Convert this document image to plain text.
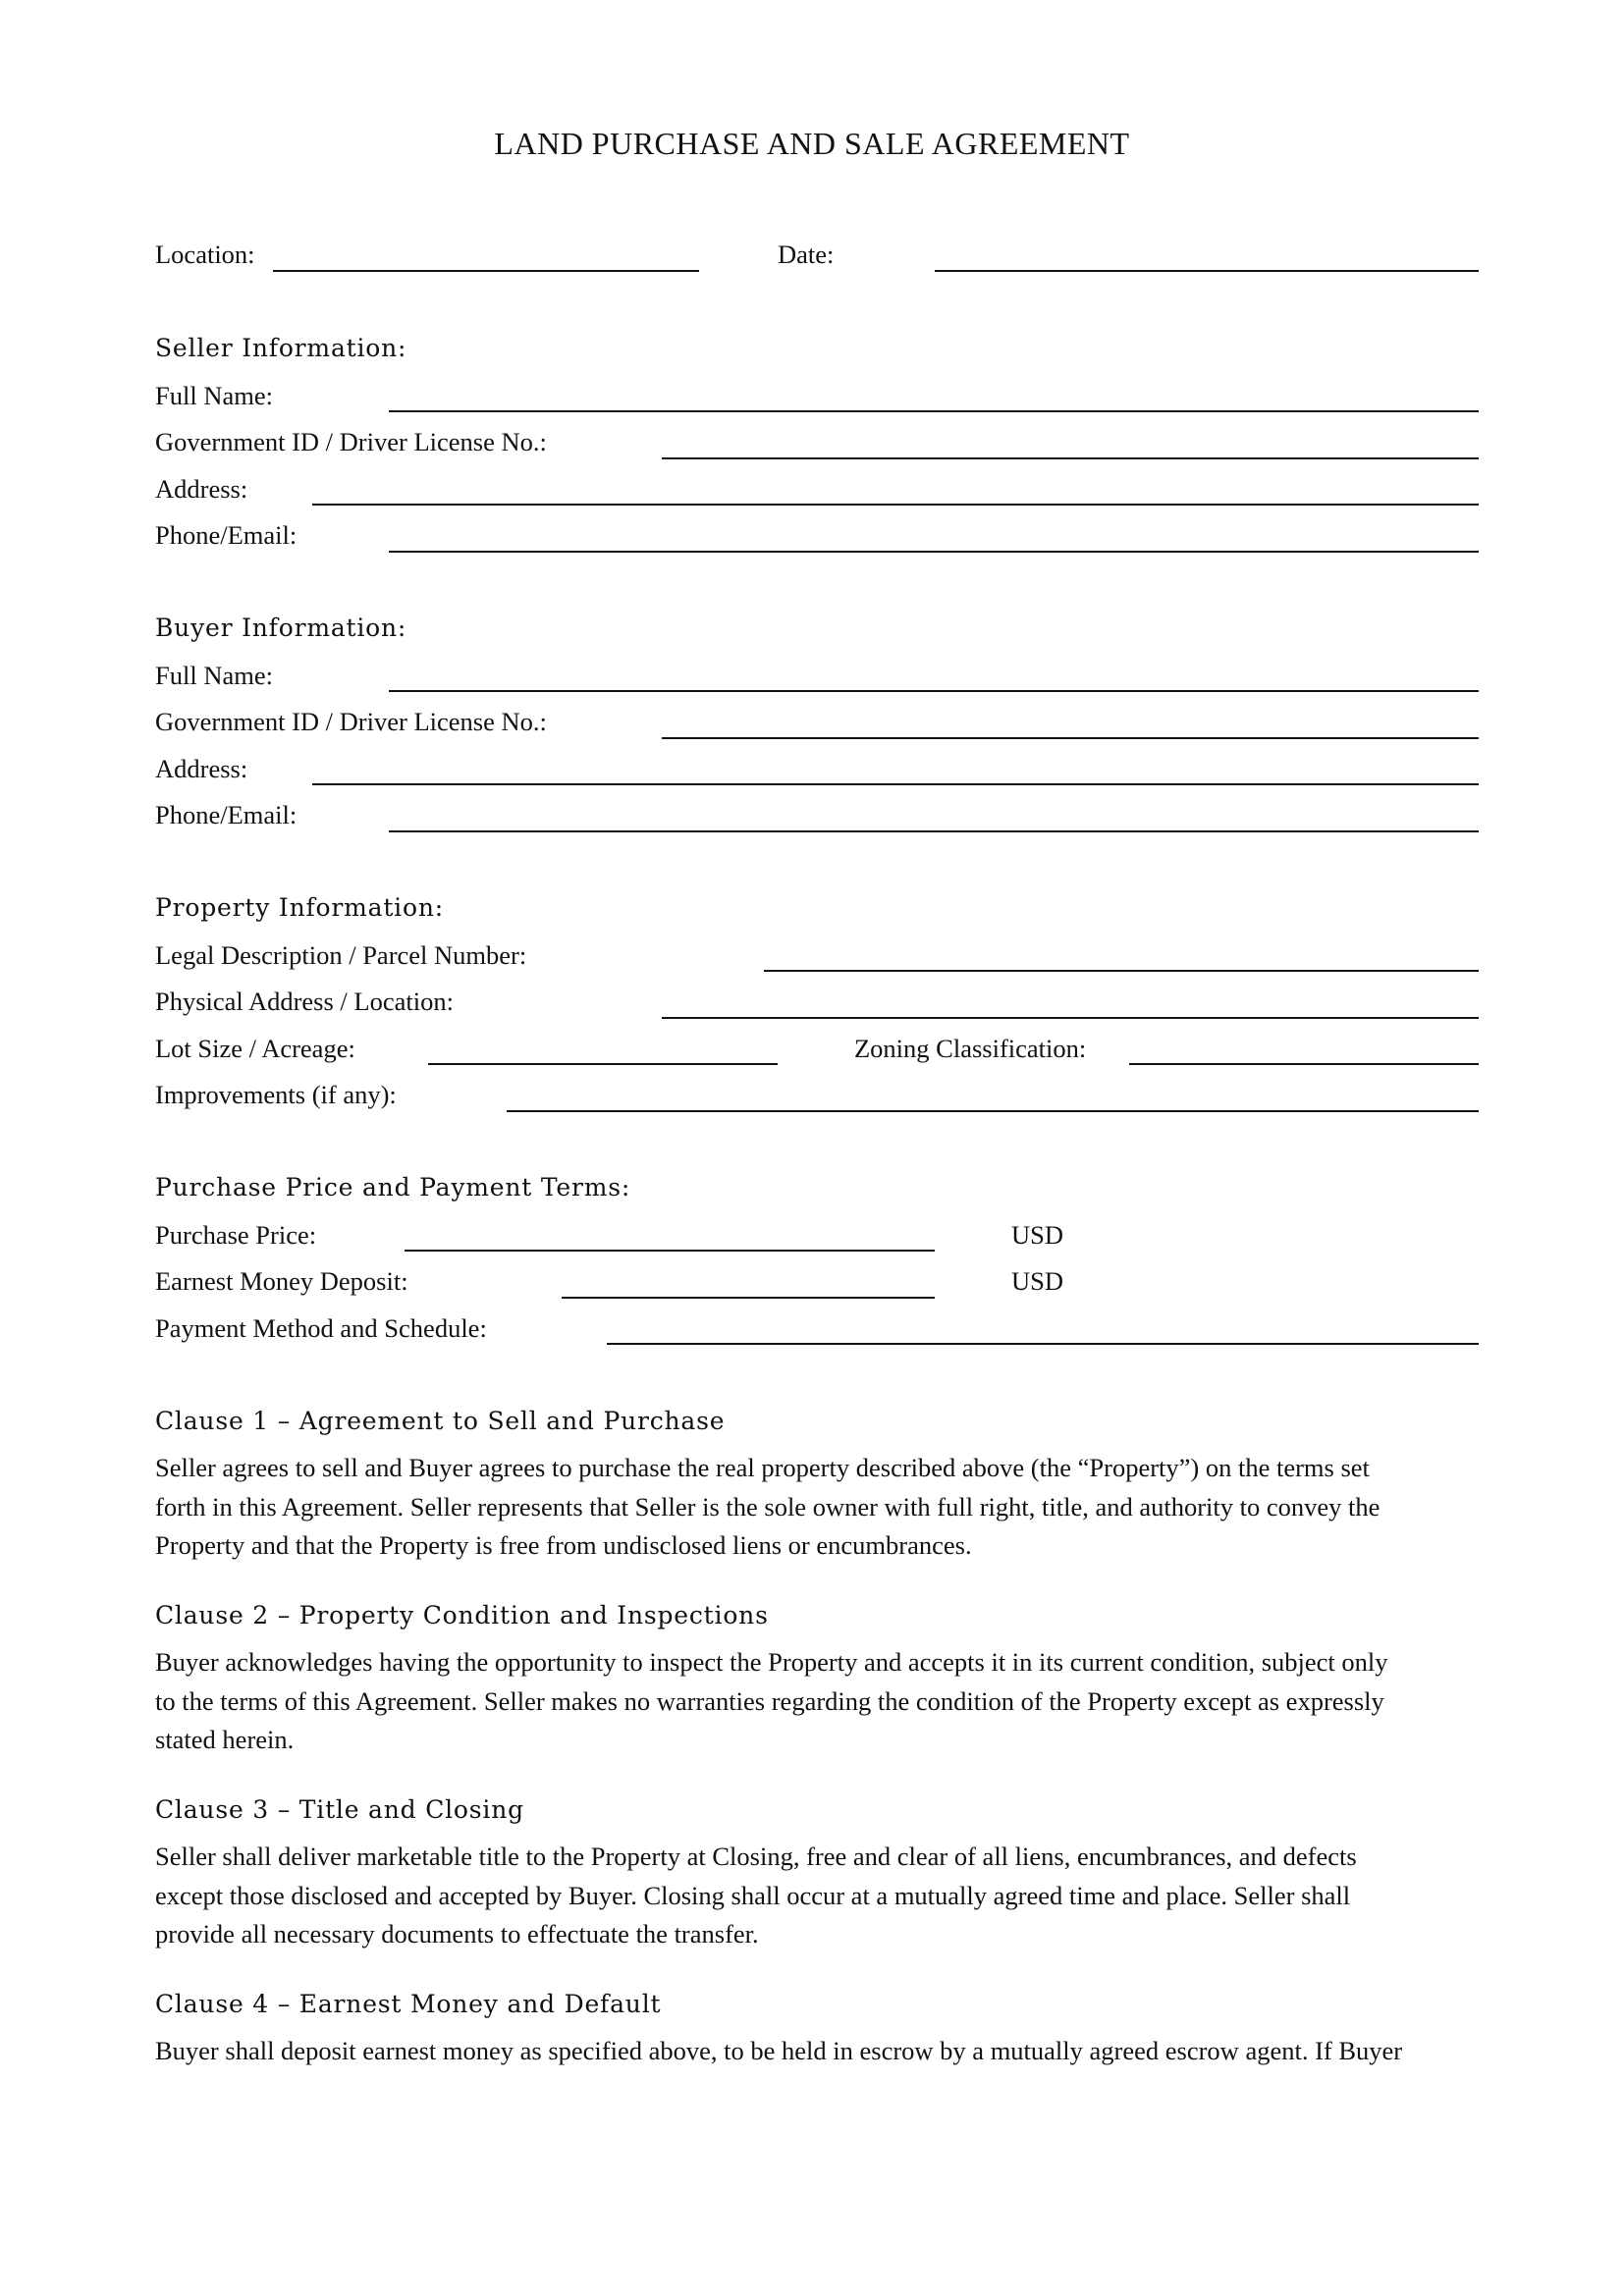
LAND PURCHASE AND SALE AGREEMENT
Location:	Date:
Seller Information:
Full Name:
Government ID / Driver License No.:
Address:
Phone/Email:
Buyer Information:
Full Name:
Government ID / Driver License No.:
Address:
Phone/Email:
Property Information:
Legal Description / Parcel Number:
Physical Address / Location:
Lot Size / Acreage:	Zoning Classification:
Improvements (if any):
Purchase Price and Payment Terms:
Purchase Price:	USD
Earnest Money Deposit:	USD
Payment Method and Schedule:
Clause 1 – Agreement to Sell and Purchase
Seller agrees to sell and Buyer agrees to purchase the real property described above (the “Property”) on the terms set
forth in this Agreement. Seller represents that Seller is the sole owner with full right, title, and authority to convey the
Property and that the Property is free from undisclosed liens or encumbrances.
Clause 2 – Property Condition and Inspections
Buyer acknowledges having the opportunity to inspect the Property and accepts it in its current condition, subject only
to the terms of this Agreement. Seller makes no warranties regarding the condition of the Property except as expressly
stated herein.
Clause 3 – Title and Closing
Seller shall deliver marketable title to the Property at Closing, free and clear of all liens, encumbrances, and defects
except those disclosed and accepted by Buyer. Closing shall occur at a mutually agreed time and place. Seller shall
provide all necessary documents to effectuate the transfer.
Clause 4 – Earnest Money and Default
Buyer shall deposit earnest money as specified above, to be held in escrow by a mutually agreed escrow agent. If Buyer
